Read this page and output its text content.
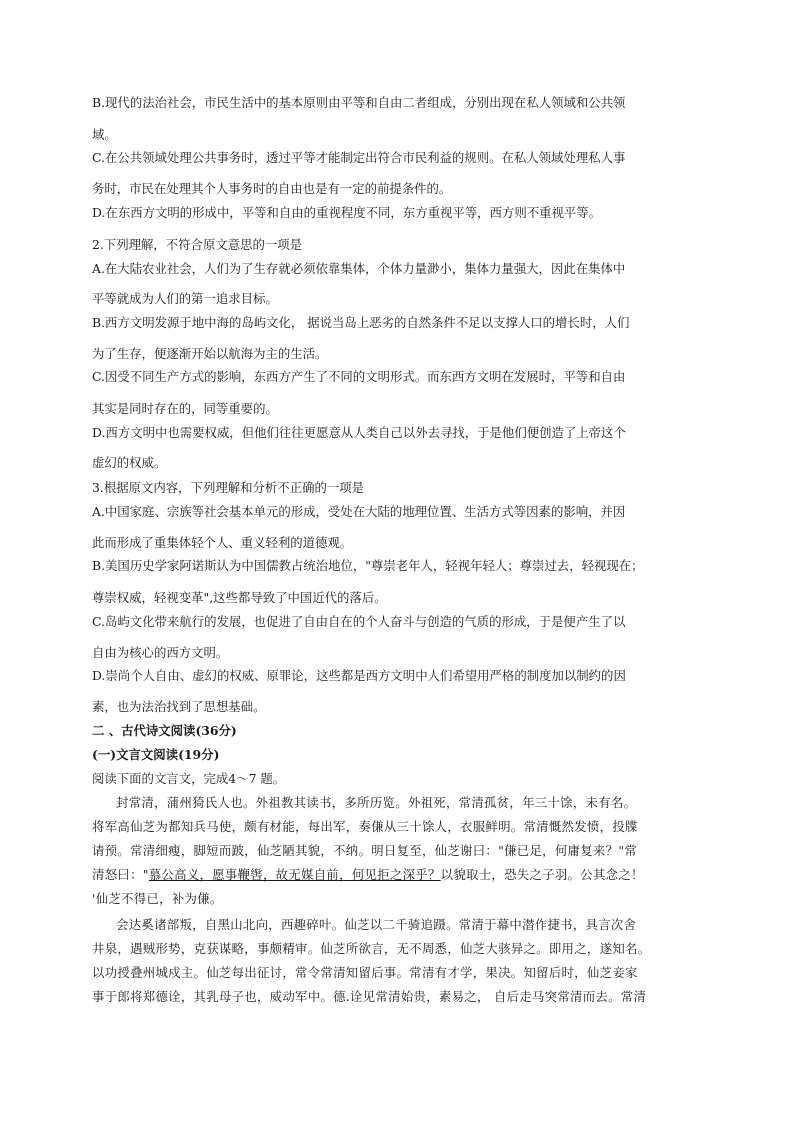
B.现代的法治社会，市民生活中的基本原则由平等和自由二者组成，分别出现在私人领域和公共领
域。
C.在公共领域处理公共事务时，透过平等才能制定出符合市民利益的规则。在私人领域处理私人事
务时，市民在处理其个人事务时的自由也是有一定的前提条件的。
D.在东西方文明的形成中，平等和自由的重视程度不同，东方重视平等，西方则不重视平等。
2.下列理解，不符合原文意思的一项是
A.在大陆农业社会，人们为了生存就必须依靠集体，个体力量渺小，集体力量强大，因此在集体中
平等就成为人们的第一追求目标。
B.西方文明发源于地中海的岛屿文化， 据说当岛上恶劣的自然条件不足以支撑人口的增长时，人们
为了生存，便逐渐开始以航海为主的生活。
C.因受不同生产方式的影响，东西方产生了不同的文明形式。而东西方文明在发展时，平等和自由
其实是同时存在的，同等重要的。
D.西方文明中也需要权威，但他们往往更愿意从人类自己以外去寻找，于是他们便创造了上帝这个
虚幻的权威。
3.根据原文内容，下列理解和分析不正确的一项是
A.中国家庭、宗族等社会基本单元的形成，受处在大陆的地理位置、生活方式等因素的影响，并因
此而形成了重集体轻个人、重义轻利的道德观。
B.美国历史学家阿诺斯认为中国儒教占统治地位，"尊崇老年人，轻视年轻人；尊崇过去，轻视现在；
尊崇权威，轻视变革",这些都导致了中国近代的落后。
C.岛屿文化带来航行的发展，也促进了自由自在的个人奋斗与创造的气质的形成，于是便产生了以
自由为核心的西方文明。
D.崇尚个人自由、虚幻的权威、原罪论，这些都是西方文明中人们希望用严格的制度加以制约的因
素，也为法治找到了思想基础。
二 、古代诗文阅读(36分)
(一)文言文阅读(19分)
阅读下面的文言文，完成4～7 题。
封常清，蒲州猗氏人也。外祖教其读书，多所历览。外祖死，常清孤贫，年三十馀，未有名。
将军高仙芝为都知兵马使，颇有材能，每出军，奏傔从三十馀人，衣服鲜明。常清慨然发愤，投牒
请预。常清细瘦，脚短而跛，仙芝陋其貌，不纳。明日复至，仙芝谢曰："傔已足，何庸复来？"常
清怒曰："慕公高义，愿事鞭辔，故无媒自前，何见拒之深乎？以貌取士，恐失之子羽。公其念之！
'仙芝不得已，补为傔。
会达奚诸部叛，自黑山北向，西趣碎叶。仙芝以二千骑追蹑。常清于幕中潜作捷书，具言次舍
井泉，遇贼形势，克获谋略，事颇精审。仙芝所欲言，无不周悉，仙芝大骇异之。即用之，遂知名。
以功授叠州城戍主。仙芝每出征讨，常令常清知留后事。常清有才学，果决。知留后时，仙芝妾家
事于郎将郑德诠，其乳母子也，威动军中。德.诠见常清始贵，素易之， 自后走马突常清而去。常清
